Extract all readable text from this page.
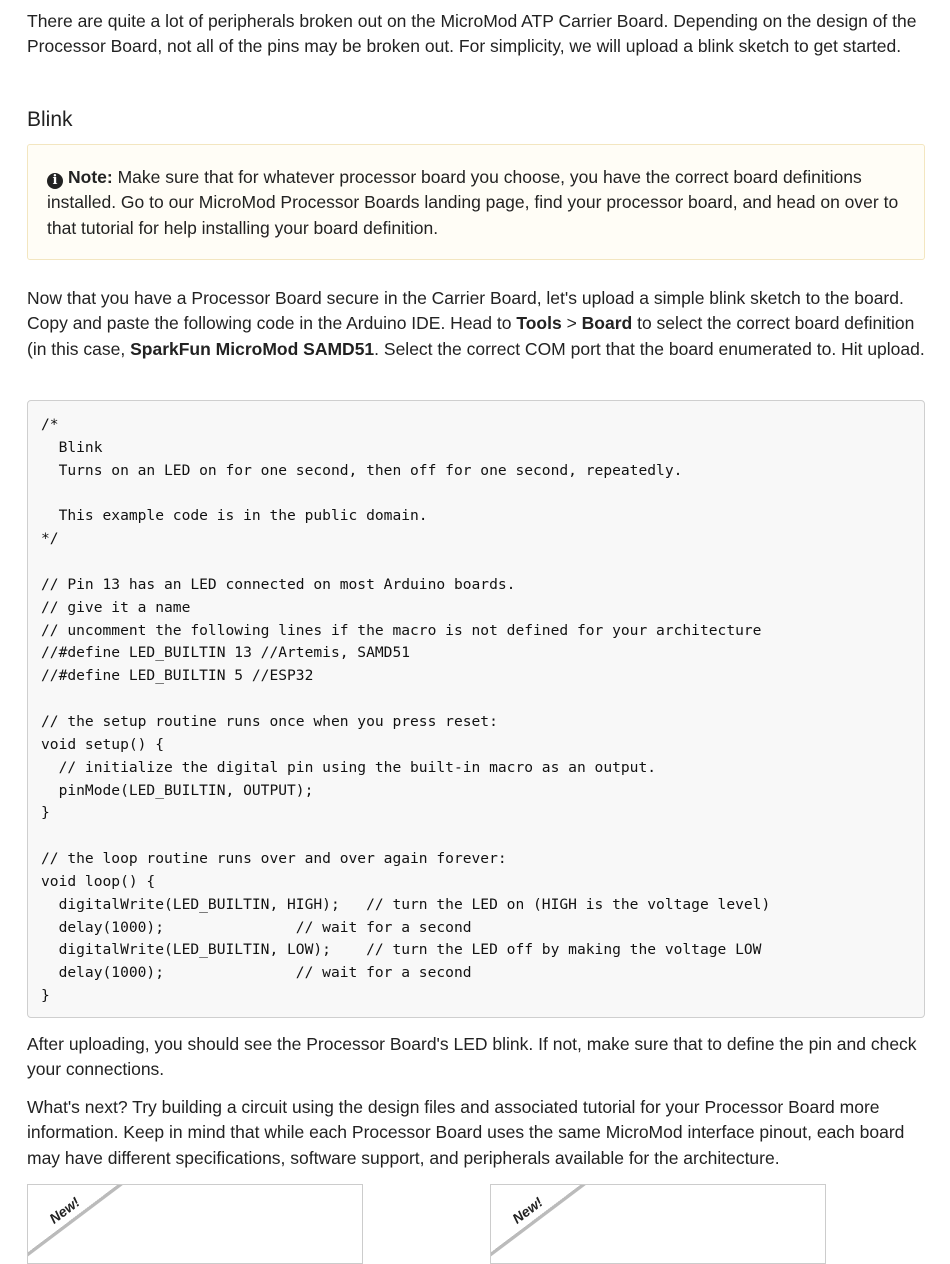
There are quite a lot of peripherals broken out on the MicroMod ATP Carrier Board. Depending on the design of the Processor Board, not all of the pins may be broken out. For simplicity, we will upload a blink sketch to get started.

Blink

i Note: Make sure that for whatever processor board you choose, you have the correct board definitions installed. Go to our MicroMod Processor Boards landing page, find your processor board, and head on over to that tutorial for help installing your board definition.

Now that you have a Processor Board secure in the Carrier Board, let's upload a simple blink sketch to the board. Copy and paste the following code in the Arduino IDE. Head to Tools > Board to select the correct board definition (in this case, SparkFun MicroMod SAMD51. Select the correct COM port that the board enumerated to. Hit upload.

/*
Blink
Turns on an LED on for one second, then off for one second, repeatedly.

This example code is in the public domain.
*/

// Pin 13 has an LED connected on most Arduino boards.
// give it a name
// uncomment the following lines if the macro is not defined for your architecture
//#define LED_BUILTIN 13 //Artemis, SAMD51
//#define LED_BUILTIN 5 //ESP32

// the setup routine runs once when you press reset:
void setup() {
// initialize the digital pin using the built-in macro as an output.
pinMode(LED_BUILTIN, OUTPUT);
}

// the loop routine runs over and over again forever:
void loop() {
digitalWrite(LED_BUILTIN, HIGH);   // turn the LED on (HIGH is the voltage level)
delay(1000);               // wait for a second
digitalWrite(LED_BUILTIN, LOW);    // turn the LED off by making the voltage LOW
delay(1000);               // wait for a second
}

After uploading, you should see the Processor Board's LED blink. If not, make sure that to define the pin and check your connections.

What's next? Try building a circuit using the design files and associated tutorial for your Processor Board more information. Keep in mind that while each Processor Board uses the same MicroMod interface pinout, each board may have different specifications, software support, and peripherals available for the architecture.

New!	New!
